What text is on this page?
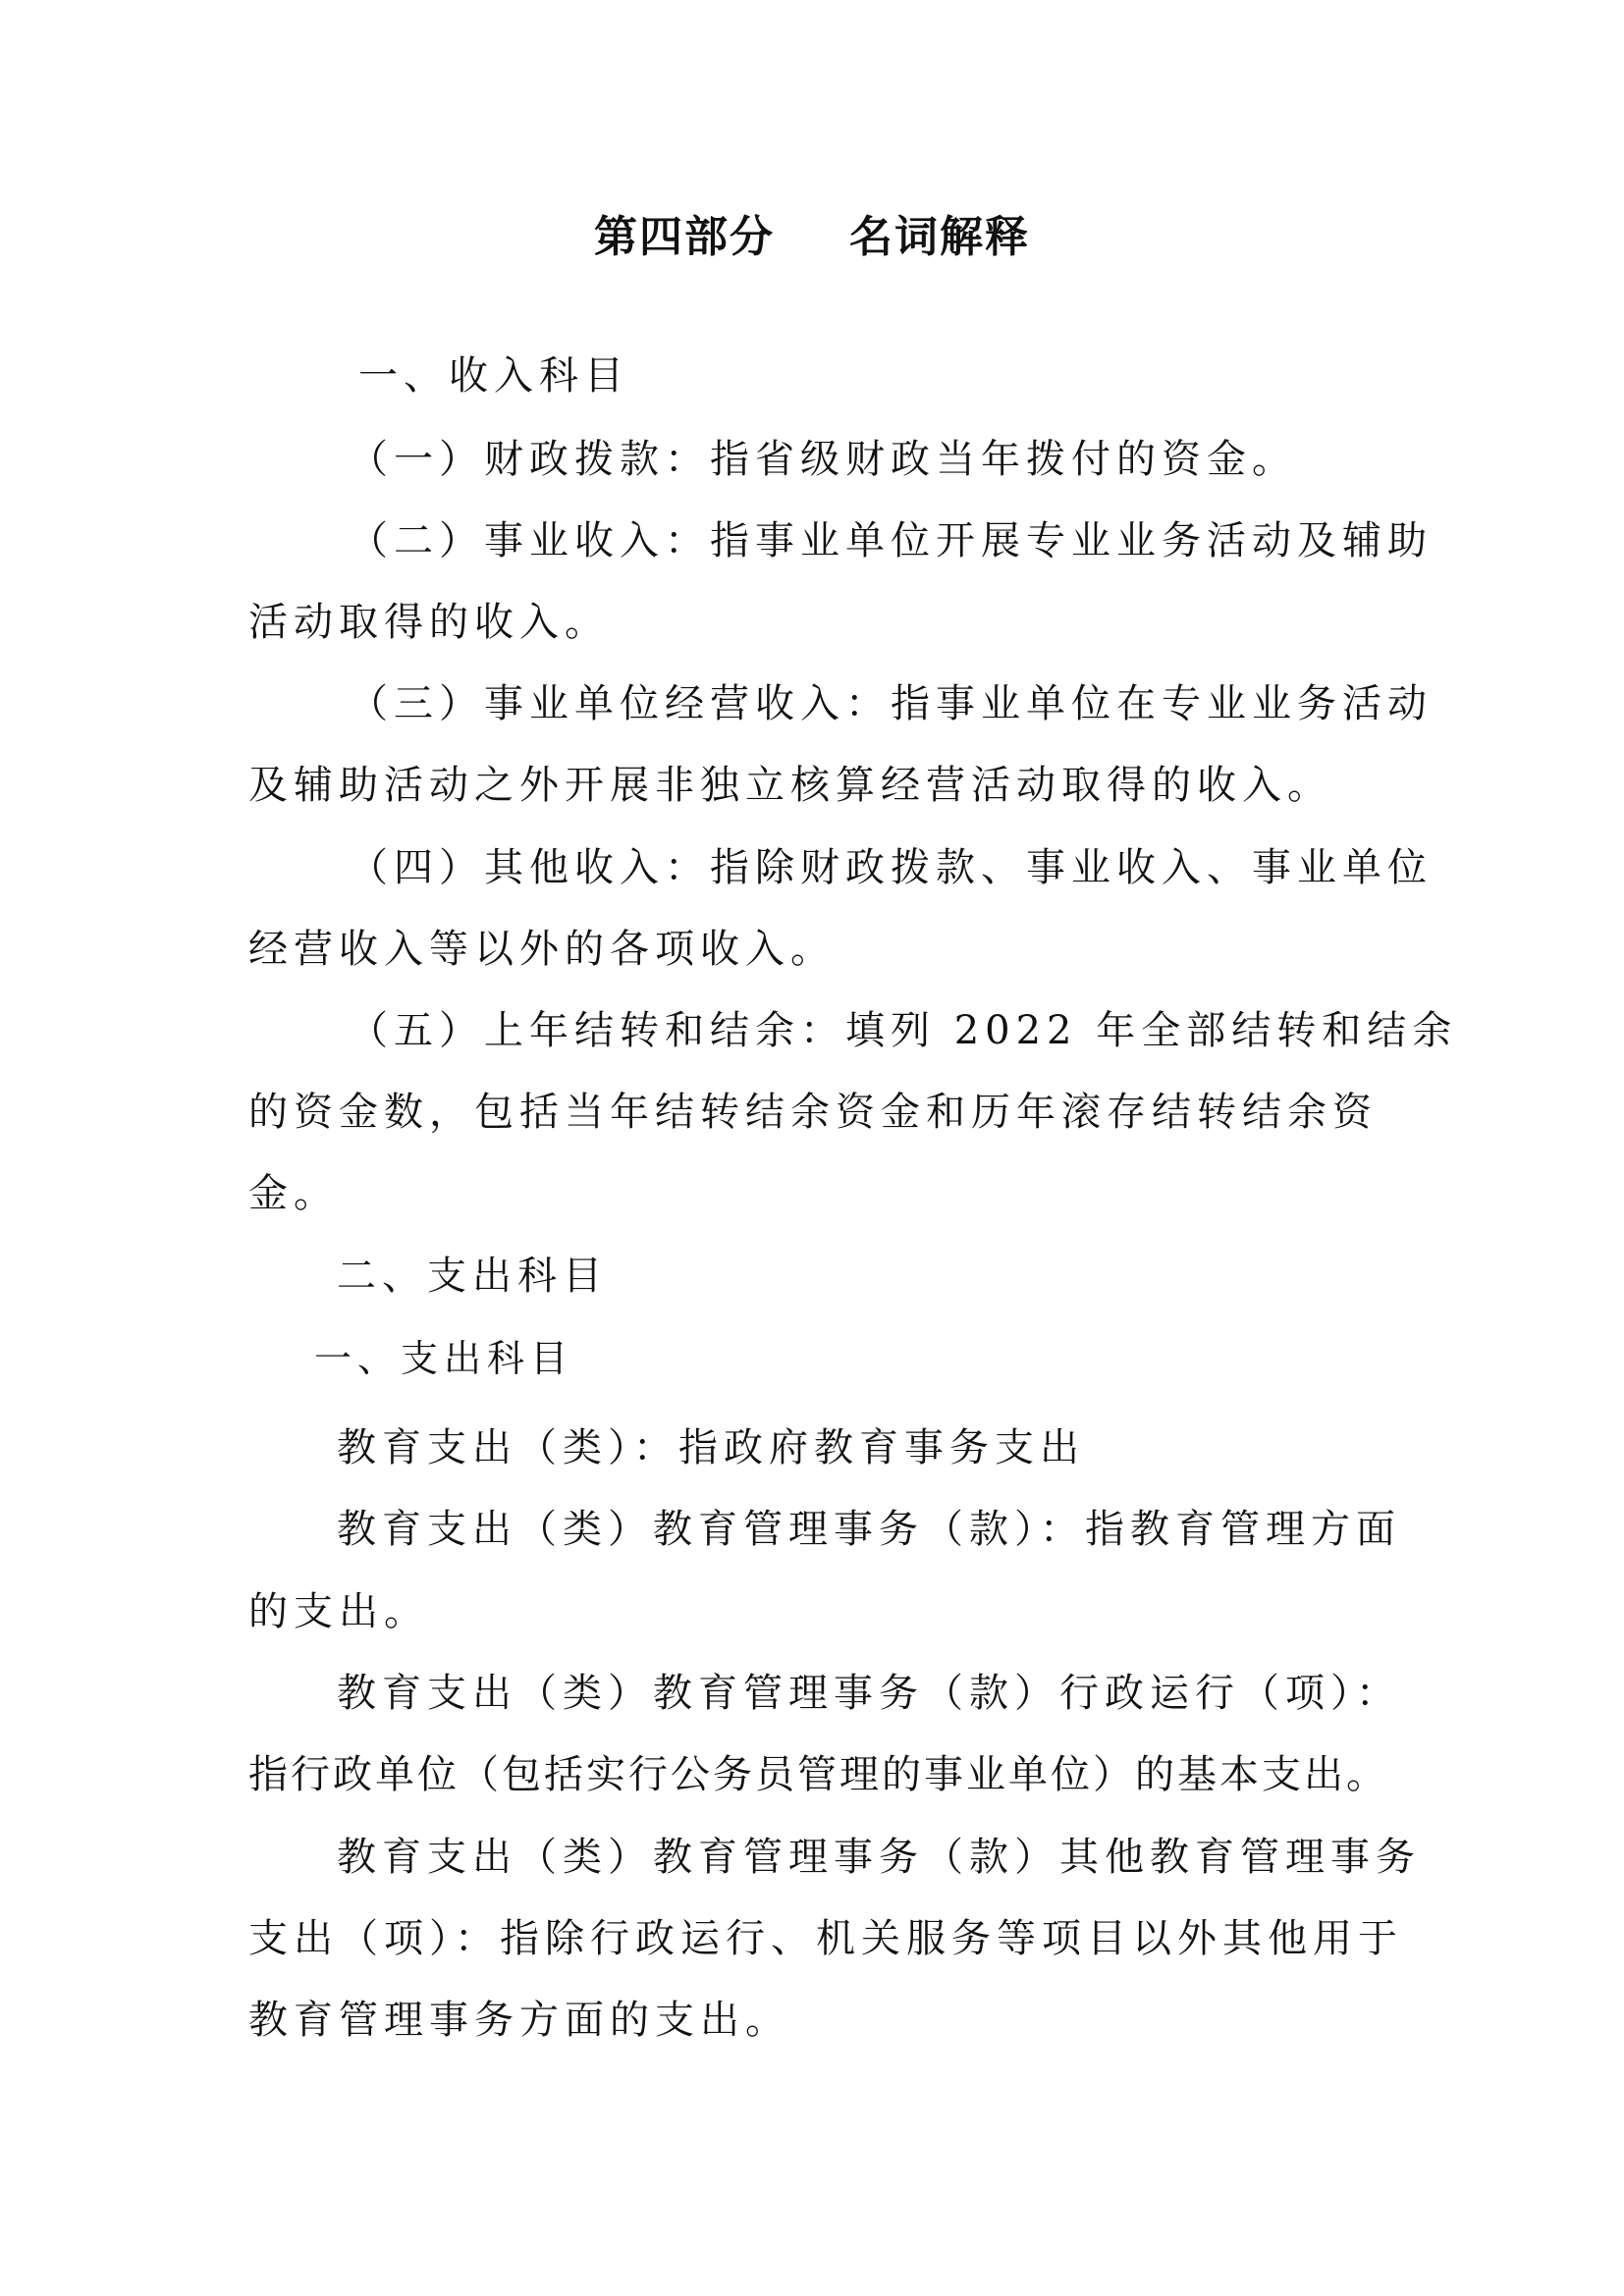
第四部分 名词解释
一、收入科目
（一）财政拨款：指省级财政当年拨付的资金。
（二）事业收入：指事业单位开展专业业务活动及辅助
活动取得的收入。
（三）事业单位经营收入：指事业单位在专业业务活动
及辅助活动之外开展非独立核算经营活动取得的收入。
（四）其他收入：指除财政拨款、事业收入、事业单位
经营收入等以外的各项收入。
（五）上年结转和结余：填列 2022 年全部结转和结余
的资金数，包括当年结转结余资金和历年滚存结转结余资
金。
二、支出科目
一、支出科目
教育支出（类）：指政府教育事务支出
教育支出（类）教育管理事务（款）：指教育管理方面
的支出。
教育支出（类）教育管理事务（款）行政运行（项）：
指行政单位（包括实行公务员管理的事业单位）的基本支出。
教育支出（类）教育管理事务（款）其他教育管理事务
支出（项）：指除行政运行、机关服务等项目以外其他用于
教育管理事务方面的支出。
